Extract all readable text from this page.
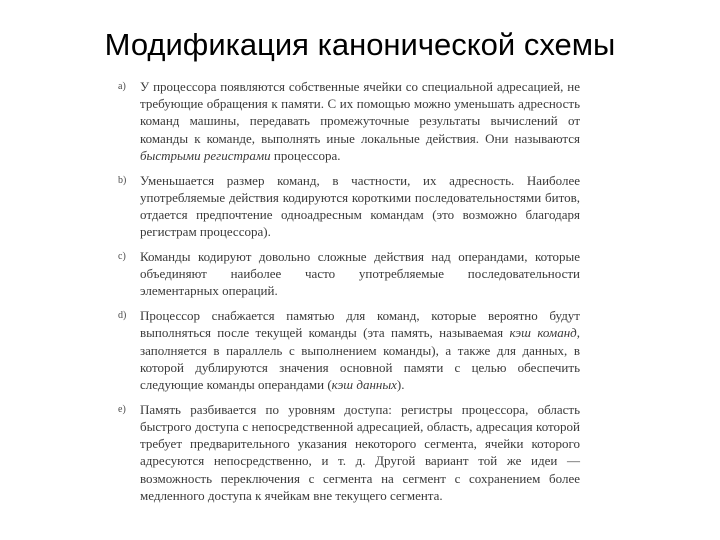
Модификация канонической схемы

а) У процессора появляются собственные ячейки со специальной адресацией, не требующие обращения к памяти. С их помощью можно уменьшать адресность команд машины, передавать промежуточные результаты вычислений от команды к команде, выполнять иные локальные действия. Они называются быстрыми регистрами процессора.

b) Уменьшается размер команд, в частности, их адресность. Наиболее употребляемые действия кодируются короткими последовательностями битов, отдается предпочтение одноадресным командам (это возможно благодаря регистрам процессора).

с) Команды кодируют довольно сложные действия над операндами, которые объединяют наиболее часто употребляемые последовательности элементарных операций.

d) Процессор снабжается памятью для команд, которые вероятно будут выполняться после текущей команды (эта память, называемая кэш команд, заполняется в параллель с выполнением команды), а также для данных, в которой дублируются значения основной памяти с целью обеспечить следующие команды операндами (кэш данных).

е) Память разбивается по уровням доступа: регистры процессора, область быстрого доступа с непосредственной адресацией, область, адресация которой требует предварительного указания некоторого сегмента, ячейки которого адресуются непосредственно, и т. д. Другой вариант той же идеи — возможность переключения с сегмента на сегмент с сохранением более медленного доступа к ячейкам вне текущего сегмента.
